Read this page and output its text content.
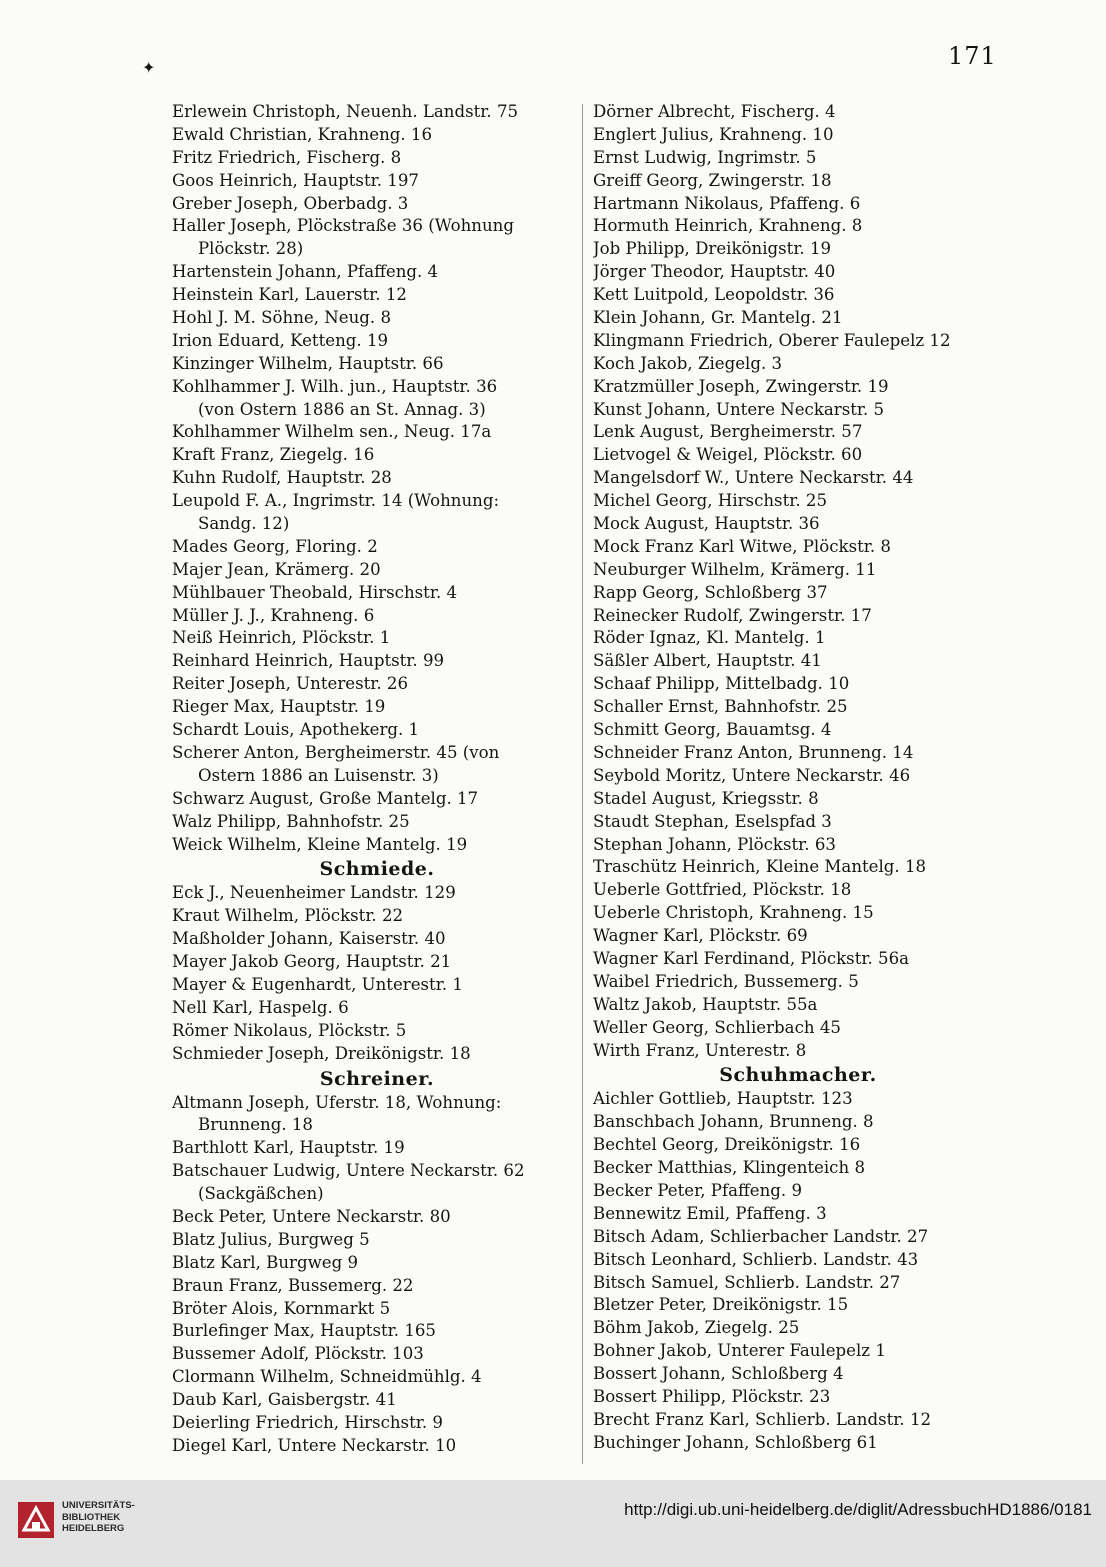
✦	171
Erlewein Christoph, Neuenh. Landstr. 75
Ewald Christian, Krahneng. 16
Fritz Friedrich, Fischerg. 8
Goos Heinrich, Hauptstr. 197
Greber Joseph, Oberbadg. 3
Haller Joseph, Plöckstraße 36 (Wohnung
Plöckstr. 28)
Hartenstein Johann, Pfaffeng. 4
Heinstein Karl, Lauerstr. 12
Hohl J. M. Söhne, Neug. 8
Irion Eduard, Ketteng. 19
Kinzinger Wilhelm, Hauptstr. 66
Kohlhammer J. Wilh. jun., Hauptstr. 36
(von Ostern 1886 an St. Annag. 3)
Kohlhammer Wilhelm sen., Neug. 17a
Kraft Franz, Ziegelg. 16
Kuhn Rudolf, Hauptstr. 28
Leupold F. A., Ingrimstr. 14 (Wohnung:
Sandg. 12)
Mades Georg, Floring. 2
Majer Jean, Krämerg. 20
Mühlbauer Theobald, Hirschstr. 4
Müller J. J., Krahneng. 6
Neiß Heinrich, Plöckstr. 1
Reinhard Heinrich, Hauptstr. 99
Reiter Joseph, Unterestr. 26
Rieger Max, Hauptstr. 19
Schardt Louis, Apothekerg. 1
Scherer Anton, Bergheimerstr. 45 (von
Ostern 1886 an Luisenstr. 3)
Schwarz August, Große Mantelg. 17
Walz Philipp, Bahnhofstr. 25
Weick Wilhelm, Kleine Mantelg. 19
Schmiede.
Eck J., Neuenheimer Landstr. 129
Kraut Wilhelm, Plöckstr. 22
Maßholder Johann, Kaiserstr. 40
Mayer Jakob Georg, Hauptstr. 21
Mayer & Eugenhardt, Unterestr. 1
Nell Karl, Haspelg. 6
Römer Nikolaus, Plöckstr. 5
Schmieder Joseph, Dreikönigstr. 18
Schreiner.
Altmann Joseph, Uferstr. 18, Wohnung:
Brunneng. 18
Barthlott Karl, Hauptstr. 19
Batschauer Ludwig, Untere Neckarstr. 62
(Sackgäßchen)
Beck Peter, Untere Neckarstr. 80
Blatz Julius, Burgweg 5
Blatz Karl, Burgweg 9
Braun Franz, Bussemerg. 22
Bröter Alois, Kornmarkt 5
Burlefinger Max, Hauptstr. 165
Bussemer Adolf, Plöckstr. 103
Clormann Wilhelm, Schneidmühlg. 4
Daub Karl, Gaisbergstr. 41
Deierling Friedrich, Hirschstr. 9
Diegel Karl, Untere Neckarstr. 10
Dörner Albrecht, Fischerg. 4
Englert Julius, Krahneng. 10
Ernst Ludwig, Ingrimstr. 5
Greiff Georg, Zwingerstr. 18
Hartmann Nikolaus, Pfaffeng. 6
Hormuth Heinrich, Krahneng. 8
Job Philipp, Dreikönigstr. 19
Jörger Theodor, Hauptstr. 40
Kett Luitpold, Leopoldstr. 36
Klein Johann, Gr. Mantelg. 21
Klingmann Friedrich, Oberer Faulepelz 12
Koch Jakob, Ziegelg. 3
Kratzmüller Joseph, Zwingerstr. 19
Kunst Johann, Untere Neckarstr. 5
Lenk August, Bergheimerstr. 57
Lietvogel & Weigel, Plöckstr. 60
Mangelsdorf W., Untere Neckarstr. 44
Michel Georg, Hirschstr. 25
Mock August, Hauptstr. 36
Mock Franz Karl Witwe, Plöckstr. 8
Neuburger Wilhelm, Krämerg. 11
Rapp Georg, Schloßberg 37
Reinecker Rudolf, Zwingerstr. 17
Röder Ignaz, Kl. Mantelg. 1
Säßler Albert, Hauptstr. 41
Schaaf Philipp, Mittelbadg. 10
Schaller Ernst, Bahnhofstr. 25
Schmitt Georg, Bauamtsg. 4
Schneider Franz Anton, Brunneng. 14
Seybold Moritz, Untere Neckarstr. 46
Stadel August, Kriegsstr. 8
Staudt Stephan, Eselspfad 3
Stephan Johann, Plöckstr. 63
Traschütz Heinrich, Kleine Mantelg. 18
Ueberle Gottfried, Plöckstr. 18
Ueberle Christoph, Krahneng. 15
Wagner Karl, Plöckstr. 69
Wagner Karl Ferdinand, Plöckstr. 56a
Waibel Friedrich, Bussemerg. 5
Waltz Jakob, Hauptstr. 55a
Weller Georg, Schlierbach 45
Wirth Franz, Unterestr. 8
Schuhmacher.
Aichler Gottlieb, Hauptstr. 123
Banschbach Johann, Brunneng. 8
Bechtel Georg, Dreikönigstr. 16
Becker Matthias, Klingenteich 8
Becker Peter, Pfaffeng. 9
Bennewitz Emil, Pfaffeng. 3
Bitsch Adam, Schlierbacher Landstr. 27
Bitsch Leonhard, Schlierb. Landstr. 43
Bitsch Samuel, Schlierb. Landstr. 27
Bletzer Peter, Dreikönigstr. 15
Böhm Jakob, Ziegelg. 25
Bohner Jakob, Unterer Faulepelz 1
Bossert Johann, Schloßberg 4
Bossert Philipp, Plöckstr. 23
Brecht Franz Karl, Schlierb. Landstr. 12
Buchinger Johann, Schloßberg 61
UNIVERSITÄTS-
BIBLIOTHEK
HEIDELBERG
http://digi.ub.uni-heidelberg.de/diglit/AdressbuchHD1886/0181
